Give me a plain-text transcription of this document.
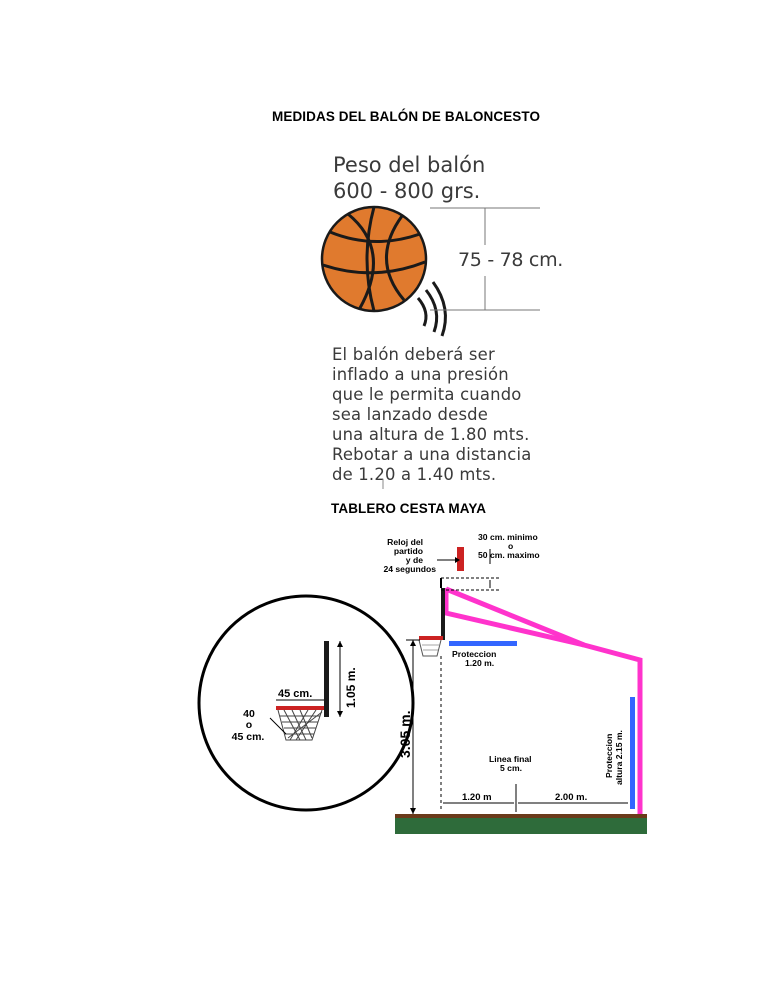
MEDIDAS DEL BALÓN DE BALONCESTO
TABLERO CESTA MAYA
Peso del balón
600 - 800 grs.
75 - 78 cm.
El balón deberá ser
inflado a una presión
que le permita cuando
sea lanzado desde
una altura de 1.80 mts.
Rebotar a una distancia
de 1.20 a 1.40 mts.
Reloj del
partido
y de
24 segundos
30 cm. minimo
o
50 cm. maximo
Proteccion
1.20 m.
Linea final
5 cm.
1.20 m	2.00 m.
3.05 m.	Proteccion altura 2.15 m.
1.05 m.
45 cm.
40
o
45 cm.
